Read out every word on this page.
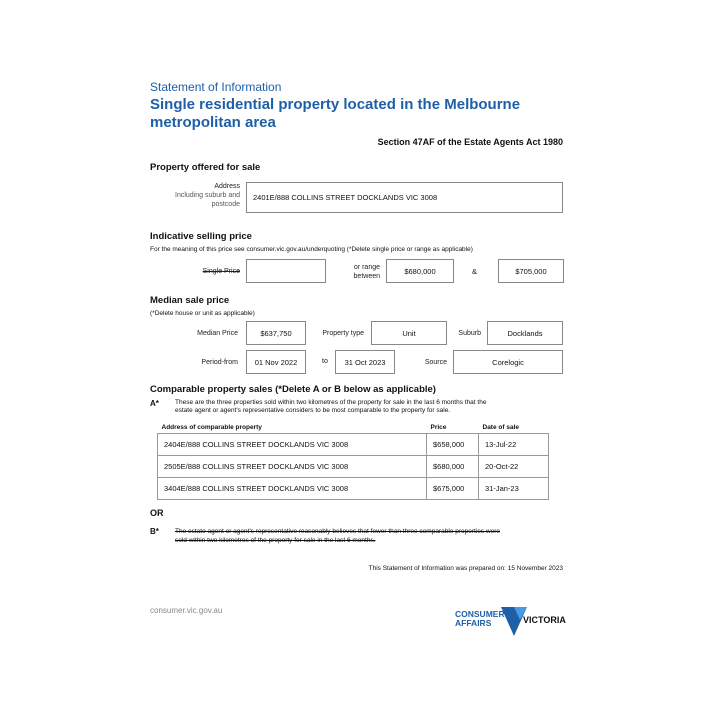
Statement of Information
Single residential property located in the Melbourne metropolitan area
Section 47AF of the Estate Agents Act 1980
Property offered for sale
Address
Including suburb and
postcode
2401E/888 COLLINS STREET DOCKLANDS VIC 3008
Indicative selling price
For the meaning of this price see consumer.vic.gov.au/underquoting (*Delete single price or range as applicable)
Single Price
or range
between
$680,000	&	$705,000
Median sale price
(*Delete house or unit as applicable)
Median Price	$637,750	Property type	Unit	Suburb	Docklands
Period-from	01 Nov 2022	to	31 Oct 2023	Source	Corelogic
Comparable property sales (*Delete A or B below as applicable)
A* These are the three properties sold within two kilometres of the property for sale in the last 6 months that the
estate agent or agent's representative considers to be most comparable to the property for sale.
Address of comparable property	Price	Date of sale
2404E/888 COLLINS STREET DOCKLANDS VIC 3008	$658,000	13-Jul-22
2505E/888 COLLINS STREET DOCKLANDS VIC 3008	$680,000	20-Oct-22
3404E/888 COLLINS STREET DOCKLANDS VIC 3008	$675,000	31-Jan-23
OR
B* The estate agent or agent's representative reasonably believes that fewer than three comparable properties were
sold within two kilometres of the property for sale in the last 6 months.
This Statement of Information was prepared on: 15 November 2023
consumer.vic.gov.au	CONSUMER
AFFAIRS	VICTORIA
